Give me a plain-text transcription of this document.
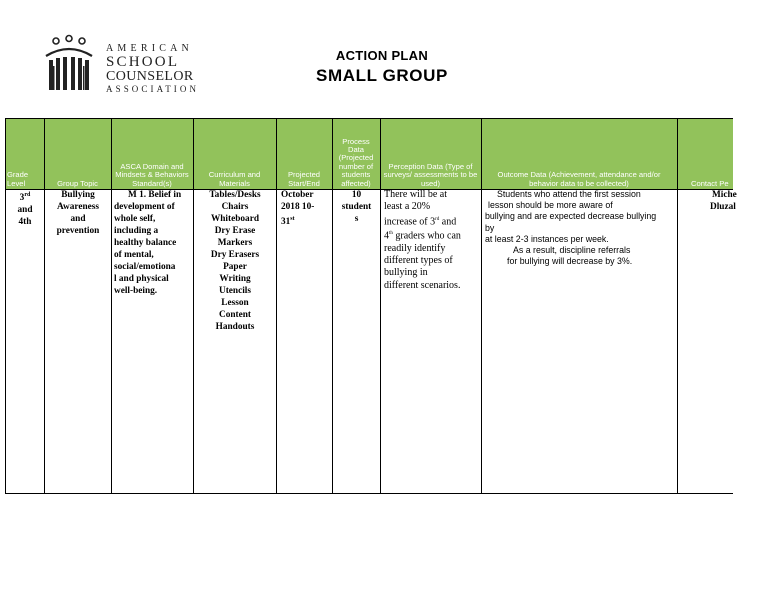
AMERICAN
SCHOOL
COUNSELOR
ASSOCIATION
ACTION PLAN
SMALL GROUP
Grade Level	Group Topic
ASCA Domain and Mindsets & Behaviors Standard(s)
Curriculum and Materials
Projected Start/End
Process Data (Projected number of students affected)
Perception Data (Type of surveys/ assessments to be used)
Outcome Data (Achievement, attendance and/or behavior data to be collected)	Contact Pe
3rd
and
4th
Bullying
Awareness
and
prevention
M 1. Belief in
development of
whole self,
including a
healthy balance
of mental,
social/emotiona
l and physical
well-being.
Tables/Desks
Chairs
Whiteboard
Dry Erase
Markers
Dry Erasers
Paper
Writing
Utencils
Lesson
Content
Handouts
October
2018 10-
31st
10
student
s
There will be at
least a 20%
increase of 3rd and
4th graders who can
readily identify
different types of
bullying in
different scenarios.
Students who attend the first session
lesson should be more aware of
bullying and are expected decrease bullying
by
at least 2-3 instances per week.
As a result, discipline referrals
for bullying will decrease by 3%.
Miche
Dluzal
